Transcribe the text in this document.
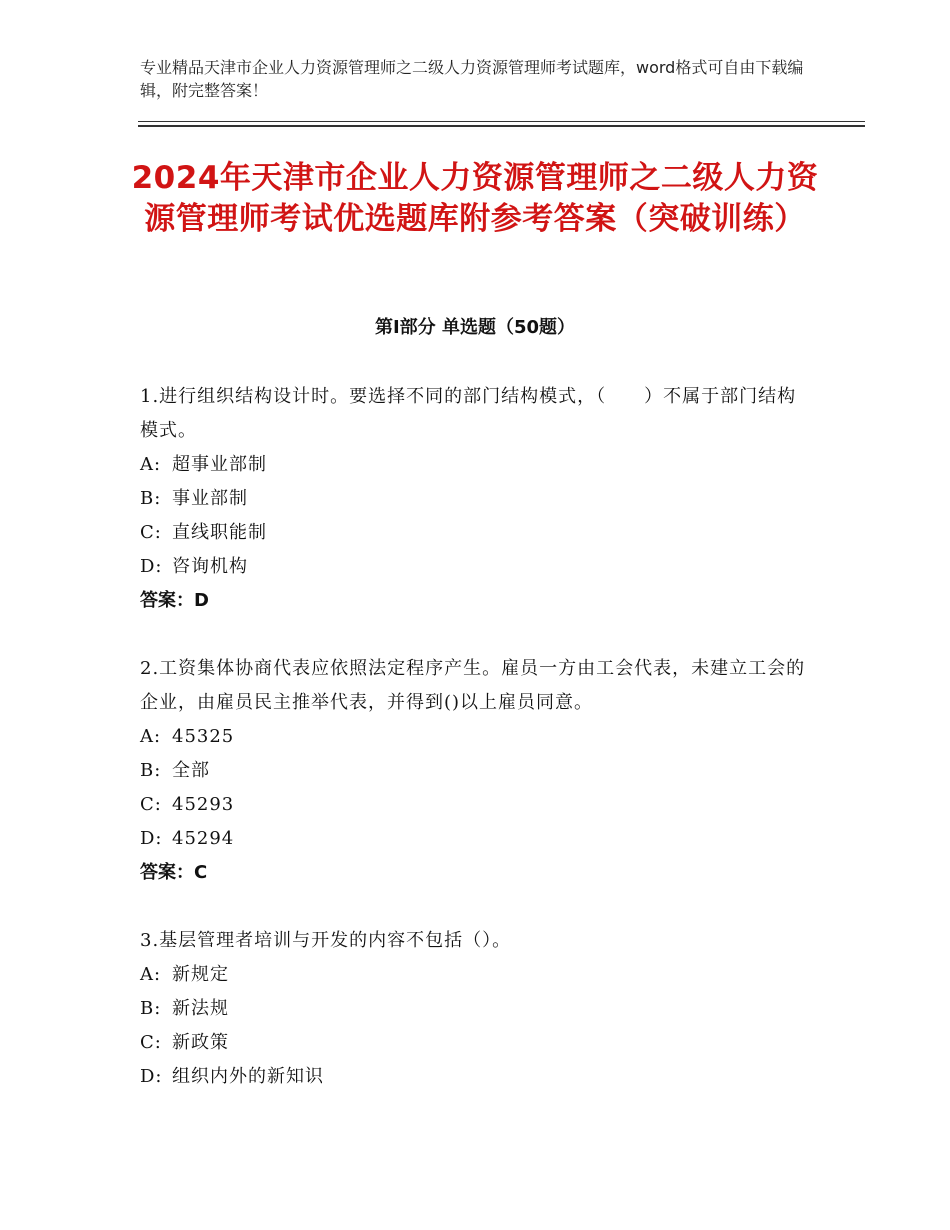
专业精品天津市企业人力资源管理师之二级人力资源管理师考试题库，word格式可自由下载编辑，附完整答案！
2024年天津市企业人力资源管理师之二级人力资源管理师考试优选题库附参考答案（突破训练）
第Ⅰ部分 单选题（50题）
1.进行组织结构设计时。要选择不同的部门结构模式，（　　）不属于部门结构模式。
A: 超事业部制
B: 事业部制
C: 直线职能制
D: 咨询机构
答案：D
2.工资集体协商代表应依照法定程序产生。雇员一方由工会代表，未建立工会的企业，由雇员民主推举代表，并得到()以上雇员同意。
A: 45325
B: 全部
C: 45293
D: 45294
答案：C
3.基层管理者培训与开发的内容不包括（）。
A: 新规定
B: 新法规
C: 新政策
D: 组织内外的新知识
